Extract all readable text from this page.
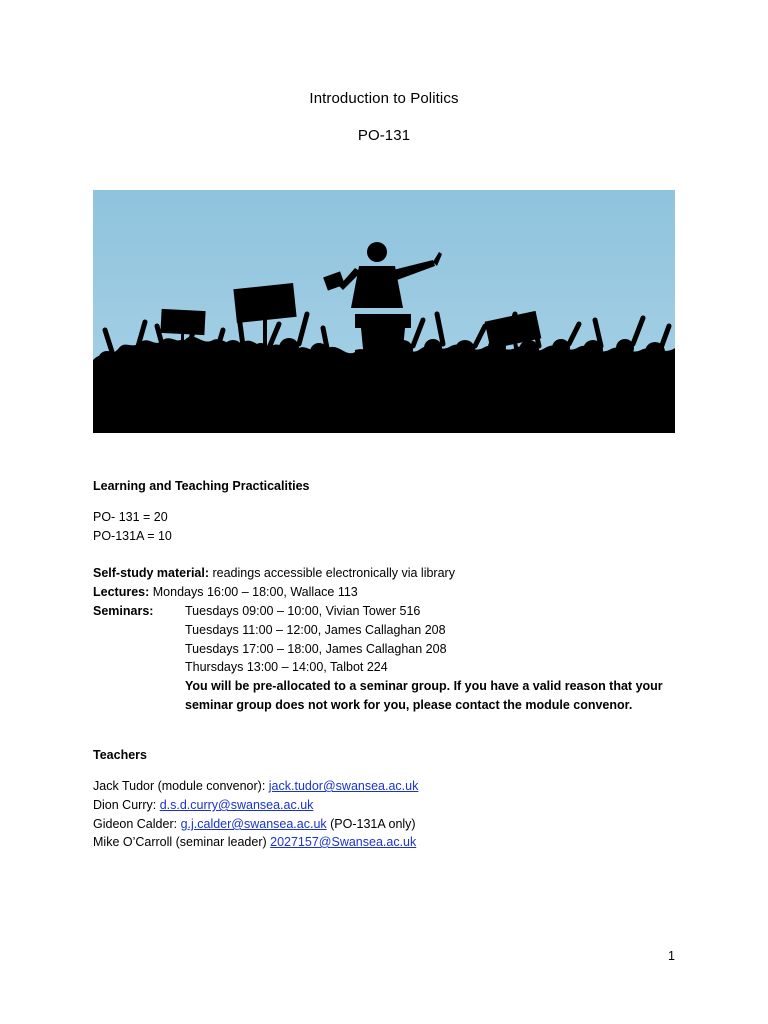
Introduction to Politics
PO-131
Learning and Teaching Practicalities
PO- 131 = 20
PO-131A = 10
Self-study material: readings accessible electronically via library
Lectures: Mondays 16:00 – 18:00, Wallace 113
Seminars:	Tuesdays 09:00 – 10:00, Vivian Tower 516
Tuesdays 11:00 – 12:00, James Callaghan 208
Tuesdays 17:00 – 18:00, James Callaghan 208
Thursdays 13:00 – 14:00, Talbot 224
You will be pre-allocated to a seminar group. If you have a valid reason that your
seminar group does not work for you, please contact the module convenor.
Teachers
Jack Tudor (module convenor): jack.tudor@swansea.ac.uk
Dion Curry: d.s.d.curry@swansea.ac.uk
Gideon Calder: g.j.calder@swansea.ac.uk (PO-131A only)
Mike O’Carroll (seminar leader) 2027157@Swansea.ac.uk
1
